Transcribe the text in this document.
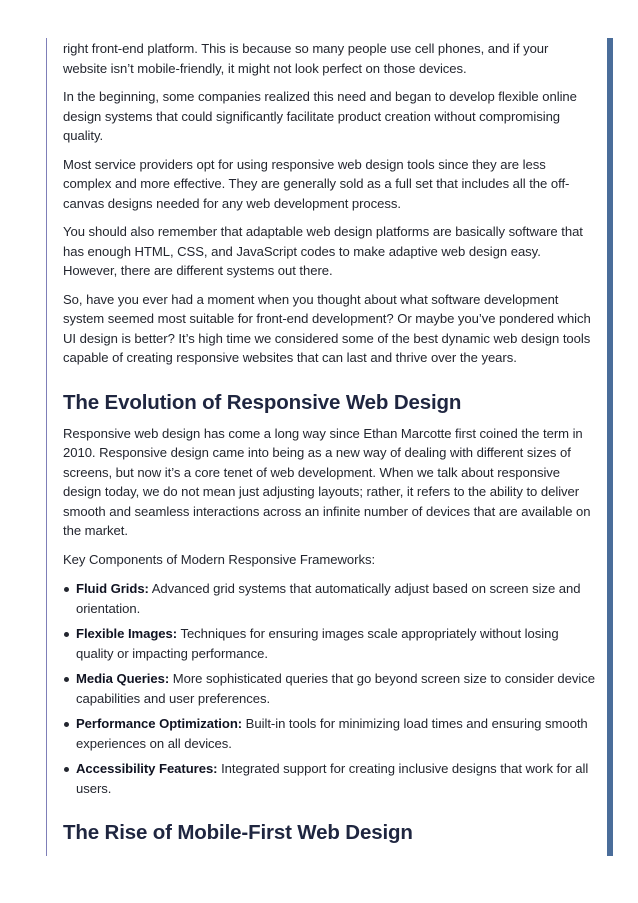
right front-end platform. This is because so many people use cell phones, and if your website isn’t mobile-friendly, it might not look perfect on those devices.

In the beginning, some companies realized this need and began to develop flexible online design systems that could significantly facilitate product creation without compromising quality.

Most service providers opt for using responsive web design tools since they are less complex and more effective. They are generally sold as a full set that includes all the off-canvas designs needed for any web development process.

You should also remember that adaptable web design platforms are basically software that has enough HTML, CSS, and JavaScript codes to make adaptive web design easy. However, there are different systems out there.

So, have you ever had a moment when you thought about what software development system seemed most suitable for front-end development? Or maybe you’ve pondered which UI design is better? It’s high time we considered some of the best dynamic web design tools capable of creating responsive websites that can last and thrive over the years.

The Evolution of Responsive Web Design

Responsive web design has come a long way since Ethan Marcotte first coined the term in 2010. Responsive design came into being as a new way of dealing with different sizes of screens, but now it’s a core tenet of web development. When we talk about responsive design today, we do not mean just adjusting layouts; rather, it refers to the ability to deliver smooth and seamless interactions across an infinite number of devices that are available on the market.

Key Components of Modern Responsive Frameworks:

Fluid Grids: Advanced grid systems that automatically adjust based on screen size and orientation.
Flexible Images: Techniques for ensuring images scale appropriately without losing quality or impacting performance.
Media Queries: More sophisticated queries that go beyond screen size to consider device capabilities and user preferences.
Performance Optimization: Built-in tools for minimizing load times and ensuring smooth experiences on all devices.
Accessibility Features: Integrated support for creating inclusive designs that work for all users.
The Rise of Mobile-First Web Design
